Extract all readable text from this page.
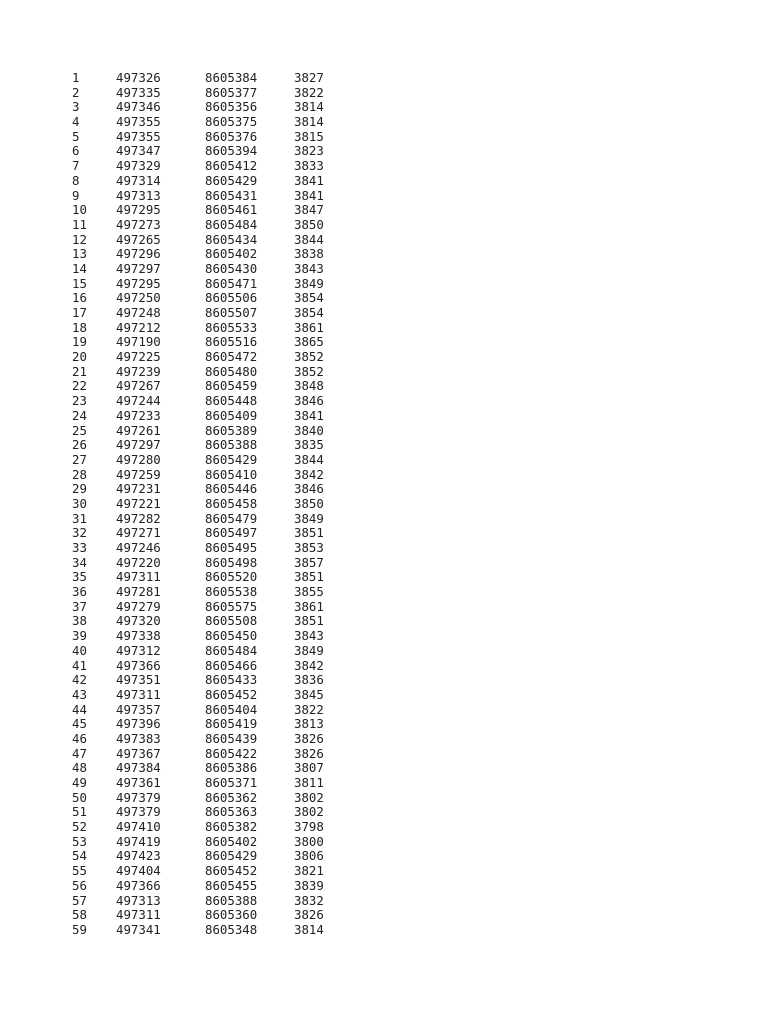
1	497326	8605384	3827
2	497335	8605377	3822
3	497346	8605356	3814
4	497355	8605375	3814
5	497355	8605376	3815
6	497347	8605394	3823
7	497329	8605412	3833
8	497314	8605429	3841
9	497313	8605431	3841
10 497295	8605461	3847
11 497273	8605484	3850
12 497265	8605434	3844
13 497296	8605402	3838
14 497297	8605430	3843
15 497295	8605471	3849
16 497250	8605506	3854
17 497248	8605507	3854
18 497212	8605533	3861
19 497190	8605516	3865
20 497225	8605472	3852
21 497239	8605480	3852
22 497267	8605459	3848
23 497244	8605448	3846
24 497233	8605409	3841
25 497261	8605389	3840
26 497297	8605388	3835
27 497280	8605429	3844
28 497259	8605410	3842
29 497231	8605446	3846
30 497221	8605458	3850
31 497282	8605479	3849
32 497271	8605497	3851
33 497246	8605495	3853
34 497220	8605498	3857
35 497311	8605520	3851
36 497281	8605538	3855
37 497279	8605575	3861
38 497320	8605508	3851
39 497338	8605450	3843
40 497312	8605484	3849
41 497366	8605466	3842
42 497351	8605433	3836
43 497311	8605452	3845
44 497357	8605404	3822
45 497396	8605419	3813
46 497383	8605439	3826
47 497367	8605422	3826
48 497384	8605386	3807
49 497361	8605371	3811
50 497379	8605362	3802
51 497379	8605363	3802
52 497410	8605382	3798
53 497419	8605402	3800
54 497423	8605429	3806
55 497404	8605452	3821
56 497366	8605455	3839
57 497313	8605388	3832
58 497311	8605360	3826
59 497341	8605348	3814
